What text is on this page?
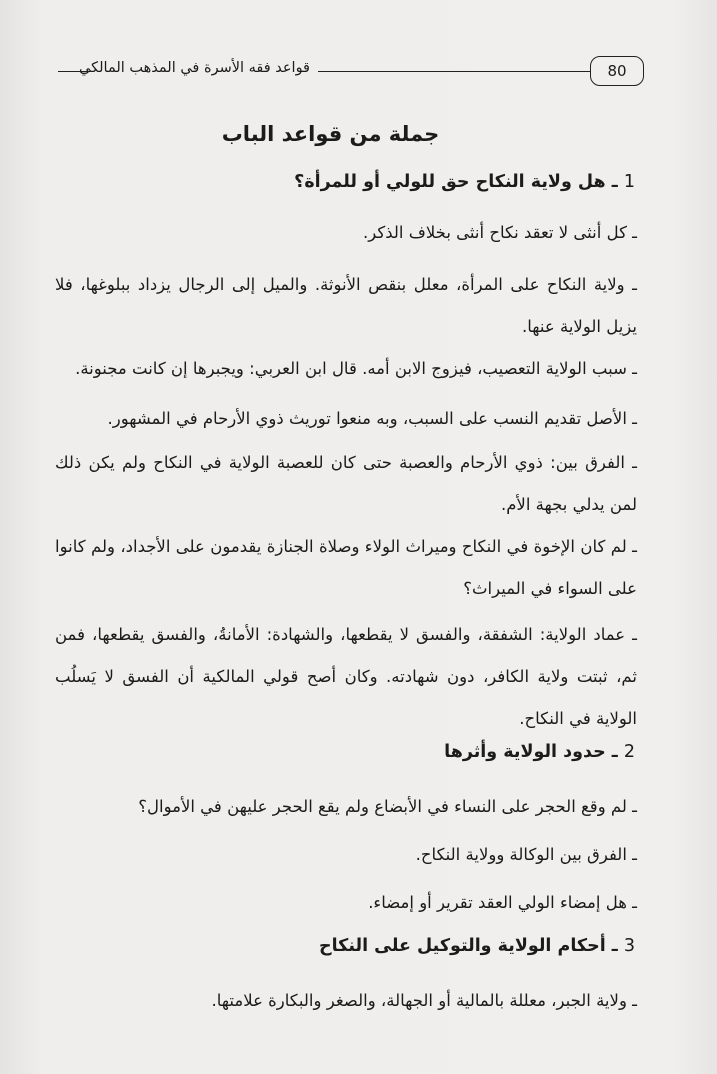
80
قواعد فقه الأسرة في المذهب المالكي
جملة من قواعد الباب
1 ـ هل ولاية النكاح حق للولي أو للمرأة؟
ـ كل أنثى لا تعقد نكاح أنثى بخلاف الذكر.
ـ ولاية النكاح على المرأة، معلل بنقص الأنوثة. والميل إلى الرجال يزداد ببلوغها، فلا يزيل الولاية عنها.
ـ سبب الولاية التعصيب، فيزوج الابن أمه. قال ابن العربي: ويجبرها إن كانت مجنونة.
ـ الأصل تقديم النسب على السبب، وبه منعوا توريث ذوي الأرحام في المشهور.
ـ الفرق بين: ذوي الأرحام والعصبة حتى كان للعصبة الولاية في النكاح ولم يكن ذلك لمن يدلي بجهة الأم.
ـ لم كان الإخوة في النكاح وميراث الولاء وصلاة الجنازة يقدمون على الأجداد، ولم كانوا على السواء في الميراث؟
ـ عماد الولاية: الشفقة، والفسق لا يقطعها، والشهادة: الأمانةُ، والفسق يقطعها، فمن ثم، ثبتت ولاية الكافر، دون شهادته. وكان أصح قولي المالكية أن الفسق لا يَسلُب الولاية في النكاح.
2 ـ حدود الولاية وأثرها
ـ لم وقع الحجر على النساء في الأبضاع ولم يقع الحجر عليهن في الأموال؟
ـ الفرق بين الوكالة وولاية النكاح.
ـ هل إمضاء الولي العقد تقرير أو إمضاء.
3 ـ أحكام الولاية والتوكيل على النكاح
ـ ولاية الجبر، معللة بالمالية أو الجهالة، والصغر والبكارة علامتها.
